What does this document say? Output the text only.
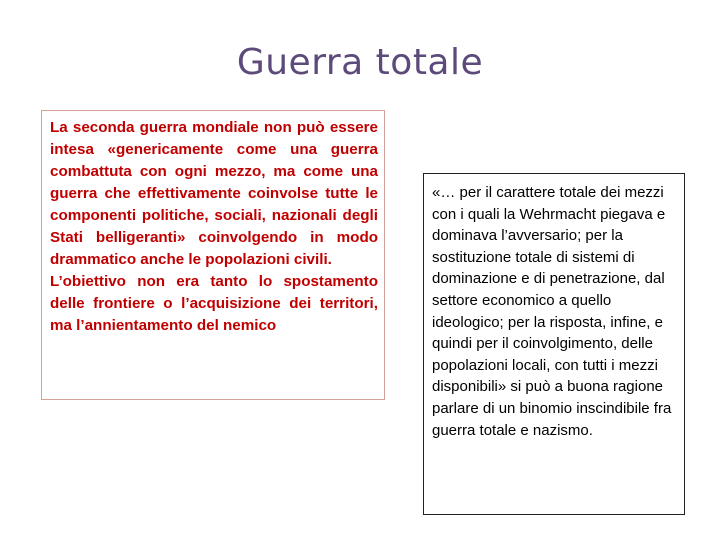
Guerra totale

La seconda guerra mondiale non può essere intesa «genericamente come una guerra combattuta con ogni mezzo, ma come una guerra che effettivamente coinvolse tutte le componenti politiche, sociali, nazionali degli Stati belligeranti» coinvolgendo in modo drammatico anche le popolazioni civili.

L’obiettivo non era tanto lo spostamento delle frontiere o l’acquisizione dei territori, ma l’annientamento del nemico

«… per il carattere totale dei mezzi con i quali la Wehrmacht piegava e dominava l’avversario; per la sostituzione totale di sistemi di dominazione e di penetrazione, dal settore economico a quello ideologico; per la risposta, infine, e quindi per il coinvolgimento, delle popolazioni locali, con tutti i mezzi disponibili» si può a buona ragione parlare di un binomio inscindibile fra guerra totale e nazismo.
